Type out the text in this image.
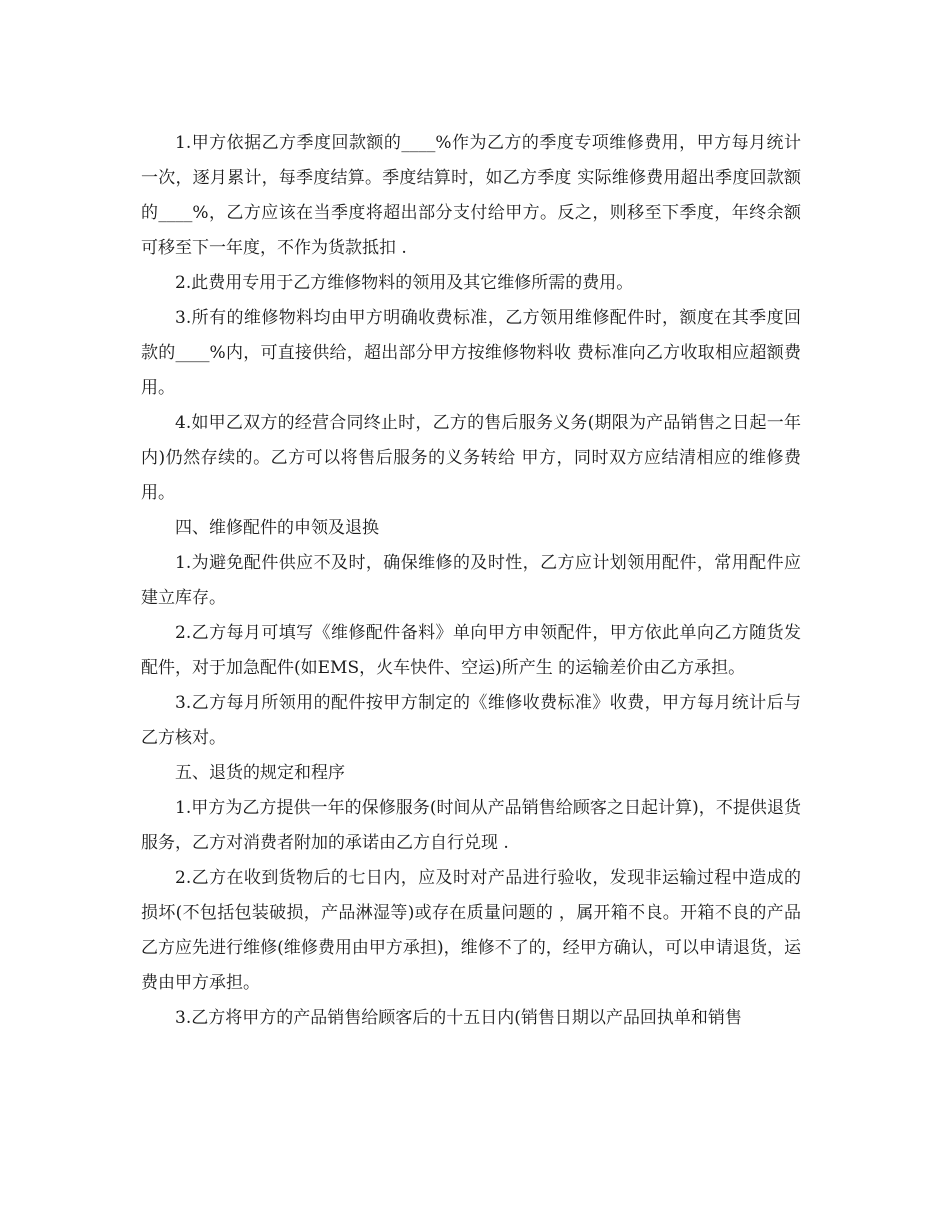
1.甲方依据乙方季度回款额的____%作为乙方的季度专项维修费用，甲方每月统计一次，逐月累计，每季度结算。季度结算时，如乙方季度 实际维修费用超出季度回款额的____%，乙方应该在当季度将超出部分支付给甲方。反之，则移至下季度，年终余额可移至下一年度，不作为货款抵扣 .

2.此费用专用于乙方维修物料的领用及其它维修所需的费用。

3.所有的维修物料均由甲方明确收费标准，乙方领用维修配件时，额度在其季度回款的____%内，可直接供给，超出部分甲方按维修物料收 费标准向乙方收取相应超额费用。

4.如甲乙双方的经营合同终止时，乙方的售后服务义务(期限为产品销售之日起一年内)仍然存续的。乙方可以将售后服务的义务转给 甲方，同时双方应结清相应的维修费用。

四、维修配件的申领及退换

1.为避免配件供应不及时，确保维修的及时性，乙方应计划领用配件，常用配件应建立库存。

2.乙方每月可填写《维修配件备料》单向甲方申领配件，甲方依此单向乙方随货发配件，对于加急配件(如EMS，火车快件、空运)所产生 的运输差价由乙方承担。

3.乙方每月所领用的配件按甲方制定的《维修收费标准》收费，甲方每月统计后与乙方核对。

五、退货的规定和程序

1.甲方为乙方提供一年的保修服务(时间从产品销售给顾客之日起计算)，不提供退货服务，乙方对消费者附加的承诺由乙方自行兑现 .

2.乙方在收到货物后的七日内，应及时对产品进行验收，发现非运输过程中造成的损坏(不包括包装破损，产品淋湿等)或存在质量问题的 ，属开箱不良。开箱不良的产品乙方应先进行维修(维修费用由甲方承担)，维修不了的，经甲方确认，可以申请退货，运费由甲方承担。

3.乙方将甲方的产品销售给顾客后的十五日内(销售日期以产品回执单和销售
